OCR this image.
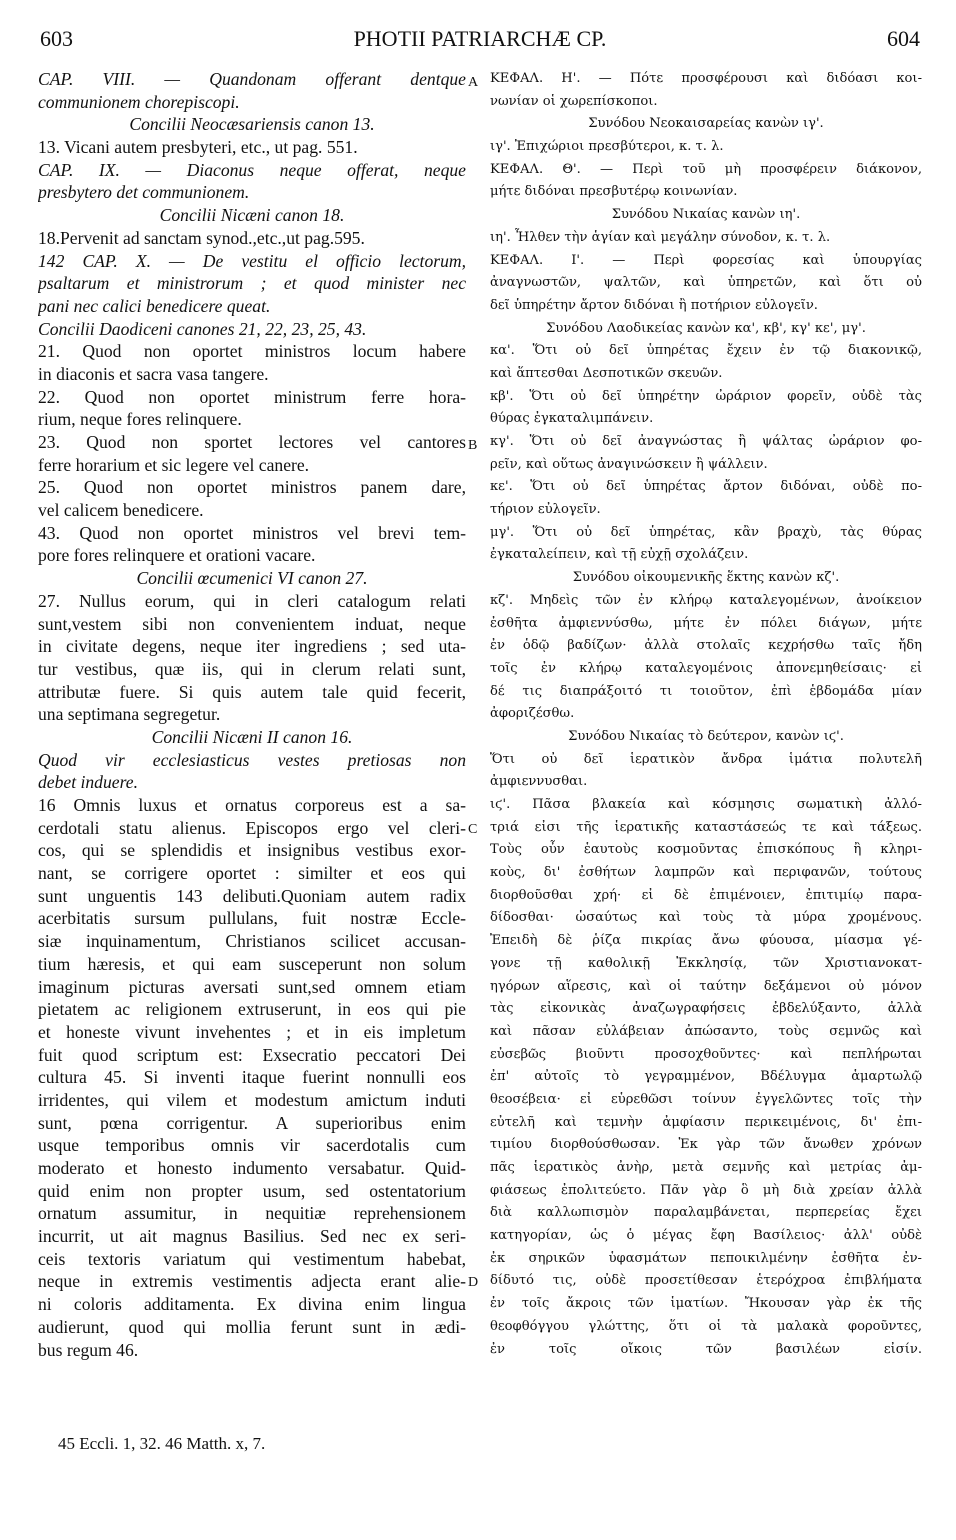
603	PHOTII PATRIARCHÆ CP.	604
A
B
C
D
CAP. VIII. — Quandonam offerant dentque
communionem chorepiscopi.
Concilii Neocæsariensis canon 13.
13. Vicani autem presbyteri, etc., ut pag. 551.
CAP. IX. — Diaconus neque offerat, neque
presbytero det communionem.
Concilii Nicæni canon 18.
18.Pervenit ad sanctam synod.,etc.,ut pag.595.
142 CAP. X. — De vestitu el officio lectorum,
psaltarum et ministrorum ; et quod minister nec
pani nec calici benedicere queat.
Concilii Daodiceni canones 21, 22, 23, 25, 43.
21. Quod non oportet ministros locum habere
in diaconis et sacra vasa tangere.
22. Quod non oportet ministrum ferre hora-
rium, neque fores relinquere.
23. Quod non sportet lectores vel cantores
ferre horarium et sic legere vel canere.
25. Quod non oportet ministros panem dare,
vel calicem benedicere.
43. Quod non oportet ministros vel brevi tem-
pore fores relinquere et orationi vacare.
Concilii œcumenici VI canon 27.
27. Nullus eorum, qui in cleri catalogum relati
sunt,vestem sibi non convenientem induat, neque
in civitate degens, neque iter ingrediens ; sed uta-
tur vestibus, quæ iis, qui in clerum relati sunt,
attributæ fuere. Si quis autem tale quid fecerit,
una septimana segregetur.
Concilii Nicæni II canon 16.
Quod vir ecclesiasticus vestes pretiosas non
debet induere.
16 Omnis luxus et ornatus corporeus est a sa-
cerdotali statu alienus. Episcopos ergo vel cleri-
cos, qui se splendidis et insignibus vestibus exor-
nant, se corrigere oportet : similter et eos qui
sunt unguentis 143 delibuti.Quoniam autem radix
acerbitatis sursum pullulans, fuit nostræ Eccle-
siæ inquinamentum, Christianos scilicet accusan-
tium hæresis, et qui eam susceperunt non solum
imaginum picturas aversati sunt,sed omnem etiam
pietatem ac religionem extruserunt, in eos qui pie
et honeste vivunt invehentes ; et in eis impletum
fuit quod scriptum est: Exsecratio peccatori Dei
cultura 45. Si inventi itaque fuerint nonnulli eos
irridentes, qui vilem et modestum amictum induti
sunt, pœna corrigentur. A superioribus enim
usque temporibus omnis vir sacerdotalis cum
moderato et honesto indumento versabatur. Quid-
quid enim non propter usum, sed ostentatorium
ornatum assumitur, in nequitiæ reprehensionem
incurrit, ut ait magnus Basilius. Sed nec ex seri-
ceis textoris variatum qui vestimentum habebat,
neque in extremis vestimentis adjecta erant alie-
ni coloris additamenta. Ex divina enim lingua
audierunt, quod qui mollia ferunt sunt in ædi-
bus regum 46.
ΚΕΦΑΛ. Η'. — Πότε προσφέρουσι καὶ διδόασι κοι-
νωνίαν οἱ χωρεπίσκοποι.
Συνόδου Νεοκαισαρείας κανὼν ιγ'.
ιγ'. Ἐπιχώριοι πρεσβύτεροι, κ. τ. λ.
ΚΕΦΑΛ. Θ'. — Περὶ τοῦ μὴ προσφέρειν διάκονον,
μήτε διδόναι πρεσβυτέρῳ κοινωνίαν.
Συνόδου Νικαίας κανὼν ιη'.
ιη'. Ἦλθεν τὴν ἁγίαν καὶ μεγάλην σύνοδον, κ. τ. λ.
ΚΕΦΑΛ. Ι'. — Περὶ φορεσίας καὶ ὑπουργίας
ἀναγνωστῶν, ψαλτῶν, καὶ ὑπηρετῶν, καὶ ὅτι οὐ
δεῖ ὑπηρέτην ἄρτον διδόναι ἢ ποτήριον εὐλογεῖν.
Συνόδου Λαοδικείας κανὼν κα', κβ', κγ' κε', μγ'.
κα'. Ὅτι οὐ δεῖ ὑπηρέτας ἔχειν ἐν τῷ διακονικῷ,
καὶ ἅπτεσθαι Δεσποτικῶν σκευῶν.
κβ'. Ὅτι οὐ δεῖ ὑπηρέτην ὠράριον φορεῖν, οὐδὲ τὰς
θύρας ἐγκαταλιμπάνειν.
κγ'. Ὅτι οὐ δεῖ ἀναγνώστας ἢ ψάλτας ὠράριον φο-
ρεῖν, καὶ οὕτως ἀναγινώσκειν ἢ ψάλλειν.
κε'. Ὅτι οὐ δεῖ ὑπηρέτας ἄρτον διδόναι, οὐδὲ πο-
τήριον εὐλογεῖν.
μγ'. Ὅτι οὐ δεῖ ὑπηρέτας, κἂν βραχὺ, τὰς θύρας
ἐγκαταλείπειν, καὶ τῇ εὐχῇ σχολάζειν.
Συνόδου οἰκουμενικῆς ἕκτης κανὼν κζ'.
κζ'. Μηδεὶς τῶν ἐν κλήρῳ καταλεγομένων, ἀνοίκειον
ἐσθῆτα ἀμφιεννύσθω, μήτε ἐν πόλει διάγων, μήτε
ἐν ὁδῷ βαδίζων· ἀλλὰ στολαῖς κεχρήσθω ταῖς ἤδη
τοῖς ἐν κλήρῳ καταλεγομένοις ἀπονεμηθείσαις· εἰ
δέ τις διαπράξοιτό τι τοιοῦτον, ἐπὶ ἑβδομάδα μίαν
ἀφοριζέσθω.
Συνόδου Νικαίας τὸ δεύτερον, κανὼν ιϛ'.
Ὅτι οὐ δεῖ ἱερατικὸν ἄνδρα ἱμάτια πολυτελῆ
ἀμφιεννυσθαι.
ιϛ'. Πᾶσα βλακεία καὶ κόσμησις σωματικὴ ἀλλό-
τριά εἰσι τῆς ἱερατικῆς καταστάσεώς τε καὶ τάξεως.
Τοὺς οὖν ἑαυτοὺς κοσμοῦντας ἐπισκόπους ἢ κληρι-
κοὺς, δι' ἐσθήτων λαμπρῶν καὶ περιφανῶν, τούτους
διορθοῦσθαι χρή· εἰ δὲ ἐπιμένοιεν, ἐπιτιμίῳ παρα-
δίδοσθαι· ὡσαύτως καὶ τοὺς τὰ μύρα χρομένους.
Ἐπειδὴ δὲ ῥίζα πικρίας ἄνω φύουσα, μίασμα γέ-
γονε τῇ καθολικῇ Ἐκκλησίᾳ, τῶν Χριστιανοκατ-
ηγόρων αἵρεσις, καὶ οἱ ταύτην δεξάμενοι οὐ μόνον
τὰς εἰκονικὰς ἀναζωγραφήσεις ἐβδελύξαντο, ἀλλὰ
καὶ πᾶσαν εὐλάβειαν ἀπώσαντο, τοὺς σεμνῶς καὶ
εὐσεβῶς βιοῦντι προσοχθοῦντες· καὶ πεπλήρωται
ἐπ' αὐτοῖς τὸ γεγραμμένον, Βδέλυγμα ἁμαρτωλῷ
θεοσέβεια· εἰ εὑρεθῶσι τοίνυν ἐγγελῶντες τοῖς τὴν
εὐτελῆ καὶ τεμνὴν ἀμφίασιν περικειμένοις, δι' ἐπι-
τιμίου διορθούσθωσαν. Ἐκ γὰρ τῶν ἄνωθεν χρόνων
πᾶς ἱερατικὸς ἀνὴρ, μετὰ σεμνῆς καὶ μετρίας ἀμ-
φιάσεως ἐπολιτεύετο. Πᾶν γὰρ ὃ μὴ διὰ χρείαν ἀλλὰ
διὰ καλλωπισμὸν παραλαμβάνεται, περπερείας ἔχει
κατηγορίαν, ὡς ὁ μέγας ἔφη Βασίλειος· ἀλλ' οὐδὲ
ἐκ σηρικῶν ὑφασμάτων πεποικιλμένην ἐσθῆτα ἐν-
δίδυτό τις, οὐδὲ προσετίθεσαν ἑτερόχροα ἐπιβλήματα
ἐν τοῖς ἄκροις τῶν ἱματίων. Ἤκουσαν γὰρ ἐκ τῆς
θεοφθόγγου γλώττης, ὅτι οἱ τὰ μαλακὰ φοροῦντες,
ἐν τοῖς οἴκοις τῶν βασιλέων εἰσίν.
45 Eccli. 1, 32. 46 Matth. x, 7.
